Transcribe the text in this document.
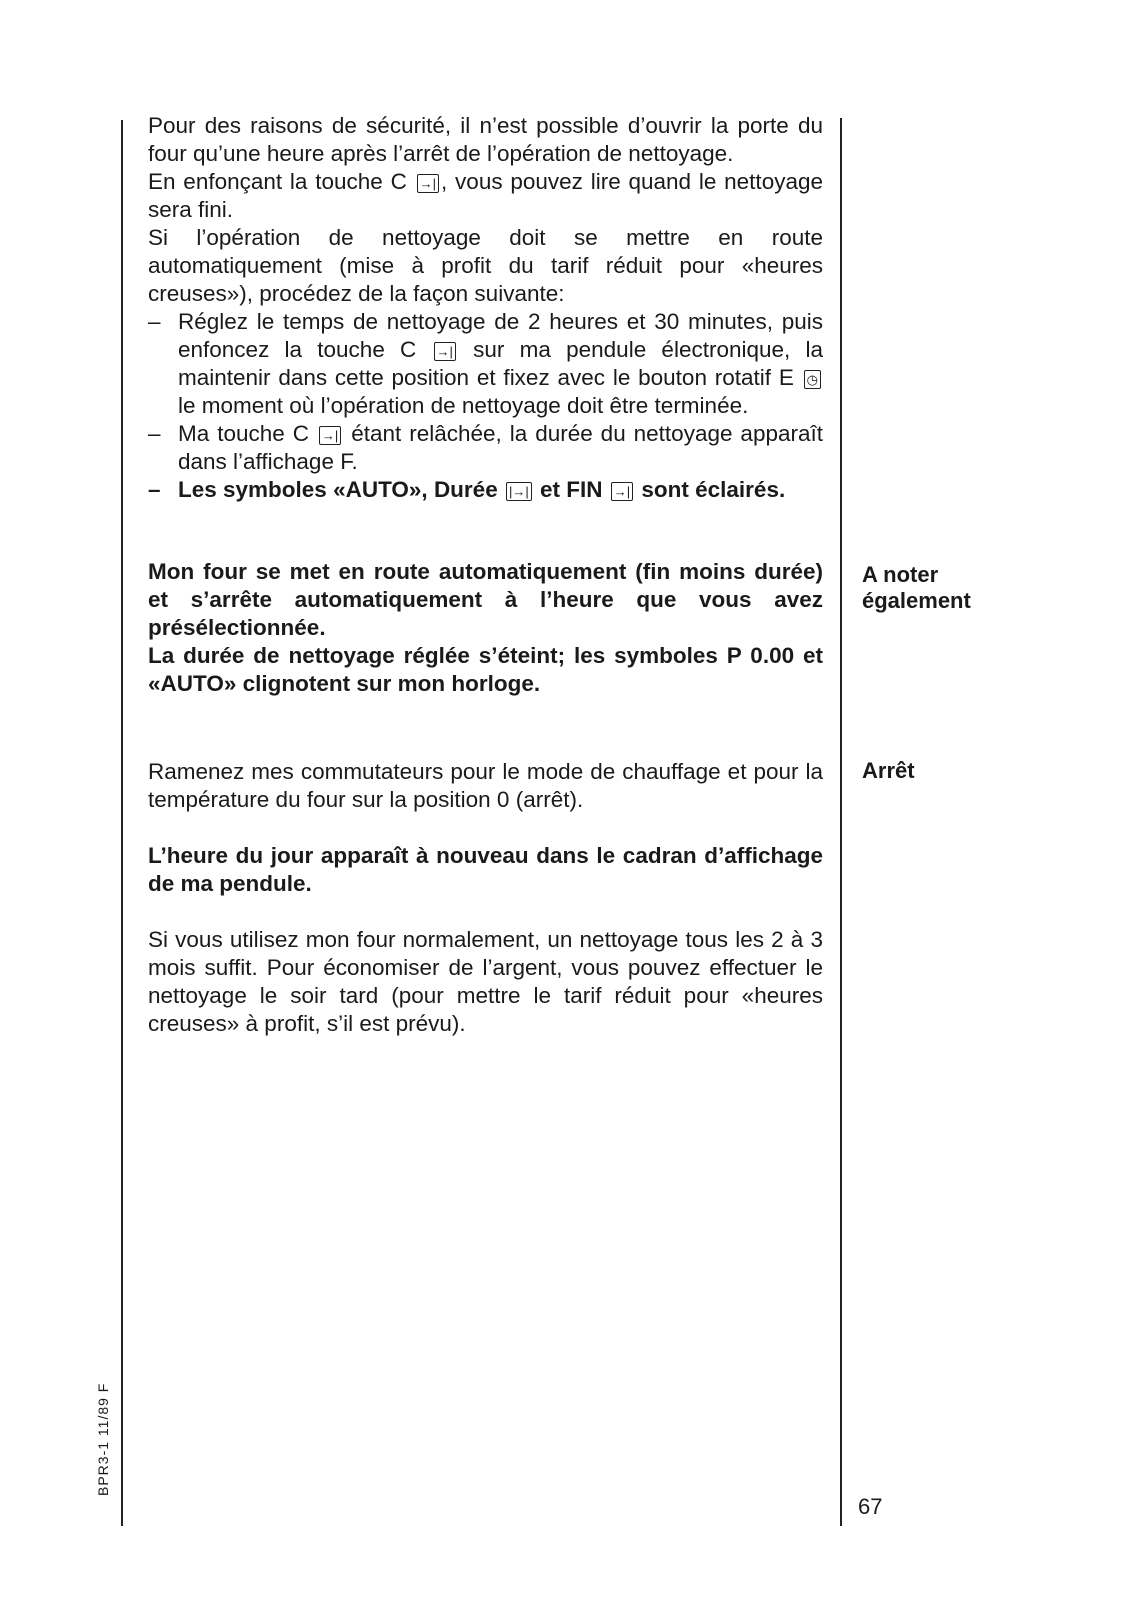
Pour des raisons de sécurité, il n’est possible d’ouvrir la porte du four qu’une heure après l’arrêt de l’opération de nettoyage.

En enfonçant la touche C →| , vous pouvez lire quand le nettoyage sera fini.

Si l’opération de nettoyage doit se mettre en route automatiquement (mise à profit du tarif réduit pour «heures creuses»), procédez de la façon suivante:

– Réglez le temps de nettoyage de 2 heures et 30 minutes, puis enfoncez la touche C →| sur ma pendule électronique, la maintenir dans cette position et fixez avec le bouton rotatif E ◷ le moment où l’opération de nettoyage doit être terminée.
– Ma touche C →| étant relâchée, la durée du nettoyage apparaît dans l’affichage F.
– Les symboles «AUTO», Durée |→| et FIN →| sont éclairés.

Mon four se met en route automatiquement (fin moins durée) et s’arrête automatiquement à l’heure que vous avez présélectionnée.

La durée de nettoyage réglée s’éteint; les symboles P 0.00 et «AUTO» clignotent sur mon horloge.

Ramenez mes commutateurs pour le mode de chauffage et pour la température du four sur la position 0 (arrêt).

L’heure du jour apparaît à nouveau dans le cadran d’affichage de ma pendule.

Si vous utilisez mon four normalement, un nettoyage tous les 2 à 3 mois suffit. Pour économiser de l’argent, vous pouvez effectuer le nettoyage le soir tard (pour mettre le tarif réduit pour «heures creuses» à profit, s’il est prévu).

A noter également
Arrêt
67
BPR3-1 11/89 F
